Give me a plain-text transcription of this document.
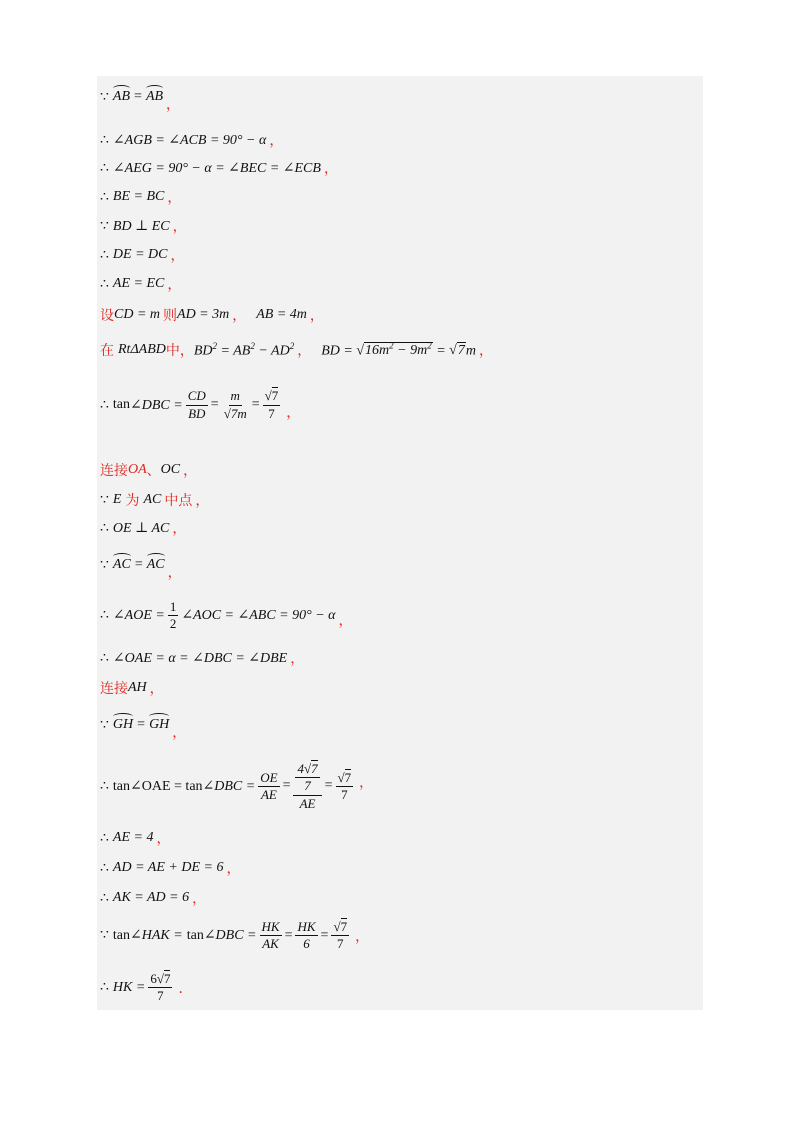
∵ AB = AB
，
∴ ∠AGB = ∠ACB = 90° − α ，
∴ ∠AEG = 90° − α = ∠BEC = ∠ECB ，
∴ BE = BC ，
∵ BD ⊥ EC ，
∴ DE = DC ，
∴ AE = EC ，
设 CD = m 则 AD = 3m ， AB = 4m ，
在 RtΔABD 中， $BD^2 = AB^2 - AD^2$ ， BD = $√16m^2 - 9m^2 = √7m$ ，
∴ tan ∠DBC = $\frac{CD}{BD} = \frac{m}{√7m} = \frac{√7}{7}$ ，
连接 OA 、 OC ，
∵ E 为 AC 中点 ，
∴ OE ⊥ AC ，
∵ AC = AC
，
∴ ∠AOE = $\frac{1}{2}$ ∠AOC = ∠ABC = 90° − α ，
∴ ∠OAE = α = ∠DBC = ∠DBE ，
连接 AH ，
∵ GH = GH
，
∴ tan∠OAE = tan ∠DBC = $\frac{OE}{AE} = \frac{\frac{4√7}{7}}{AE} = \frac{√7}{7}$ ，
∴ AE = 4 ，
∴ AD = AE + DE = 6 ，
∴ AK = AD = 6 ，
∵ tan ∠HAK = tan ∠DBC = $\frac{HK}{AK} = \frac{HK}{6} = \frac{√7}{7}$ ，
∴ HK = $\frac{6√7}{7}$ ．
